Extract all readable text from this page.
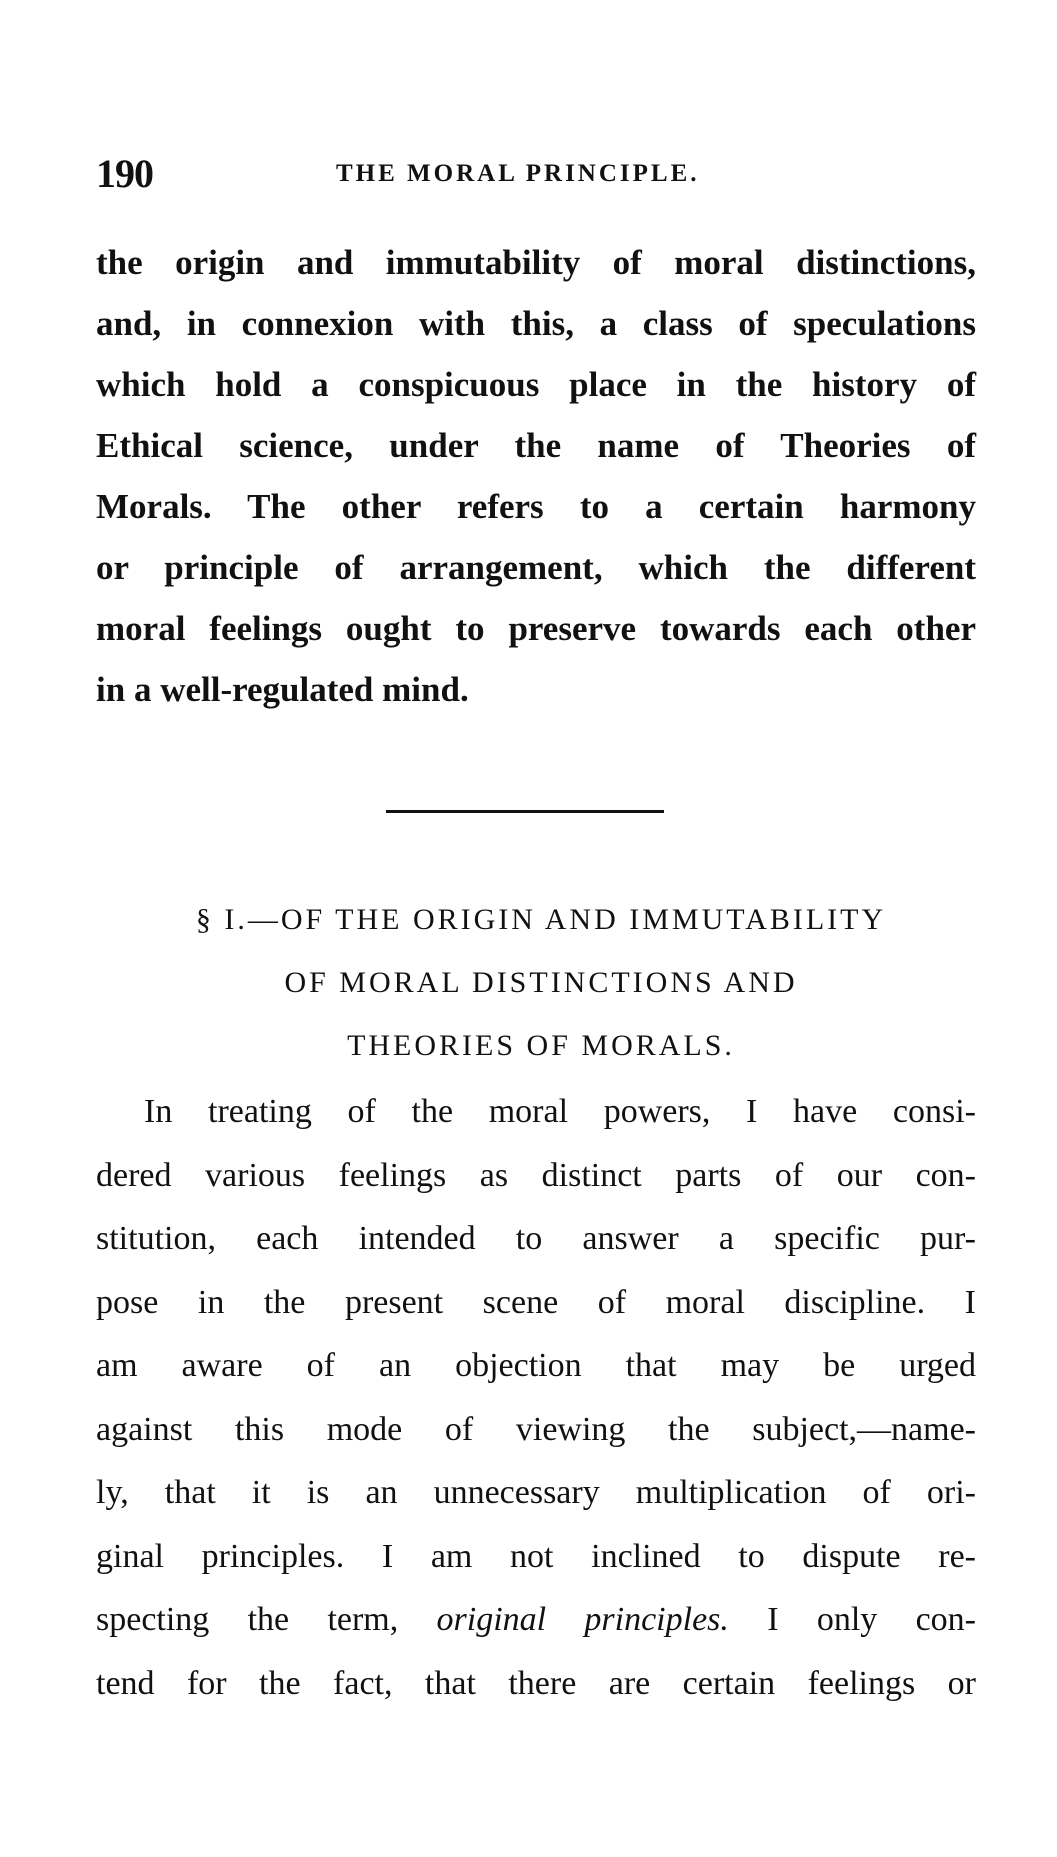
190	THE MORAL PRINCIPLE.

the origin and immutability of moral distinctions,
and, in connexion with this, a class of speculations
which hold a conspicuous place in the history of
Ethical science, under the name of Theories of
Morals. The other refers to a certain harmony
or principle of arrangement, which the different
moral feelings ought to preserve towards each other
in a well-regulated mind.

§ I.—OF THE ORIGIN AND IMMUTABILITY
OF MORAL DISTINCTIONS AND
THEORIES OF MORALS.

In treating of the moral powers, I have consi-
dered various feelings as distinct parts of our con-
stitution, each intended to answer a specific pur-
pose in the present scene of moral discipline. I
am aware of an objection that may be urged
against this mode of viewing the subject,—name-
ly, that it is an unnecessary multiplication of ori-
ginal principles. I am not inclined to dispute re-
specting the term, original principles. I only con-
tend for the fact, that there are certain feelings or
